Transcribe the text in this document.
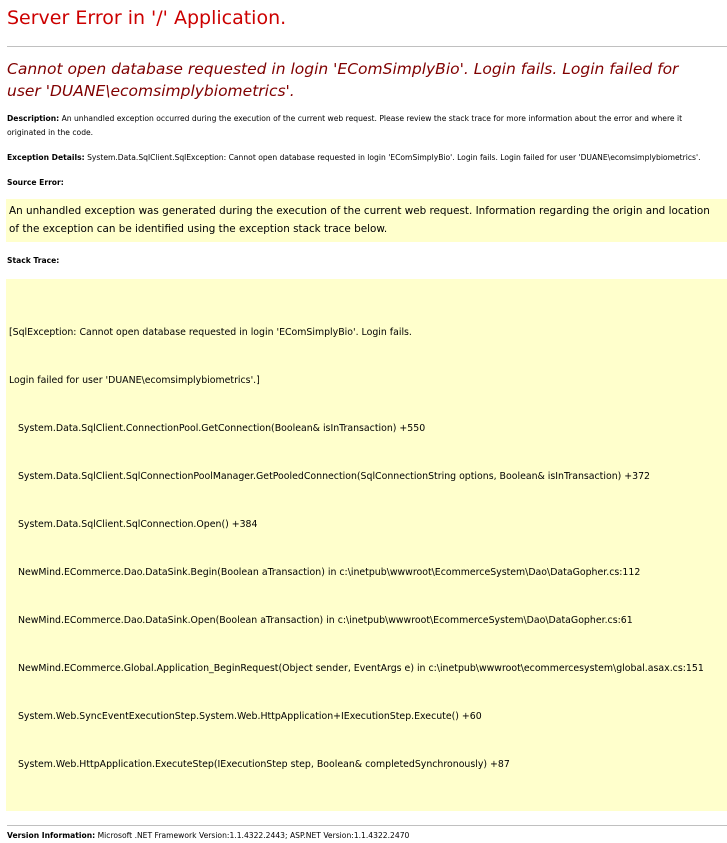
Server Error in '/' Application.
Cannot open database requested in login 'EComSimplyBio'. Login fails. Login failed for user 'DUANE\ecomsimplybiometrics'.

Description: An unhandled exception occurred during the execution of the current web request. Please review the stack trace for more information about the error and where it originated in the code.

Exception Details: System.Data.SqlClient.SqlException: Cannot open database requested in login 'EComSimplyBio'. Login fails. Login failed for user 'DUANE\ecomsimplybiometrics'.

Source Error:

An unhandled exception was generated during the execution of the current web request. Information regarding the origin and location of the exception can be identified using the exception stack trace below.

Stack Trace:

[SqlException: Cannot open database requested in login 'EComSimplyBio'. Login fails.

Login failed for user 'DUANE\ecomsimplybiometrics'.]

System.Data.SqlClient.ConnectionPool.GetConnection(Boolean& isInTransaction) +550

System.Data.SqlClient.SqlConnectionPoolManager.GetPooledConnection(SqlConnectionString options, Boolean& isInTransaction) +372

System.Data.SqlClient.SqlConnection.Open() +384

NewMind.ECommerce.Dao.DataSink.Begin(Boolean aTransaction) in c:\inetpub\wwwroot\EcommerceSystem\Dao\DataGopher.cs:112

NewMind.ECommerce.Dao.DataSink.Open(Boolean aTransaction) in c:\inetpub\wwwroot\EcommerceSystem\Dao\DataGopher.cs:61

NewMind.ECommerce.Global.Application_BeginRequest(Object sender, EventArgs e) in c:\inetpub\wwwroot\ecommercesystem\global.asax.cs:151

System.Web.SyncEventExecutionStep.System.Web.HttpApplication+IExecutionStep.Execute() +60

System.Web.HttpApplication.ExecuteStep(IExecutionStep step, Boolean& completedSynchronously) +87

Version Information: Microsoft .NET Framework Version:1.1.4322.2443; ASP.NET Version:1.1.4322.2470
